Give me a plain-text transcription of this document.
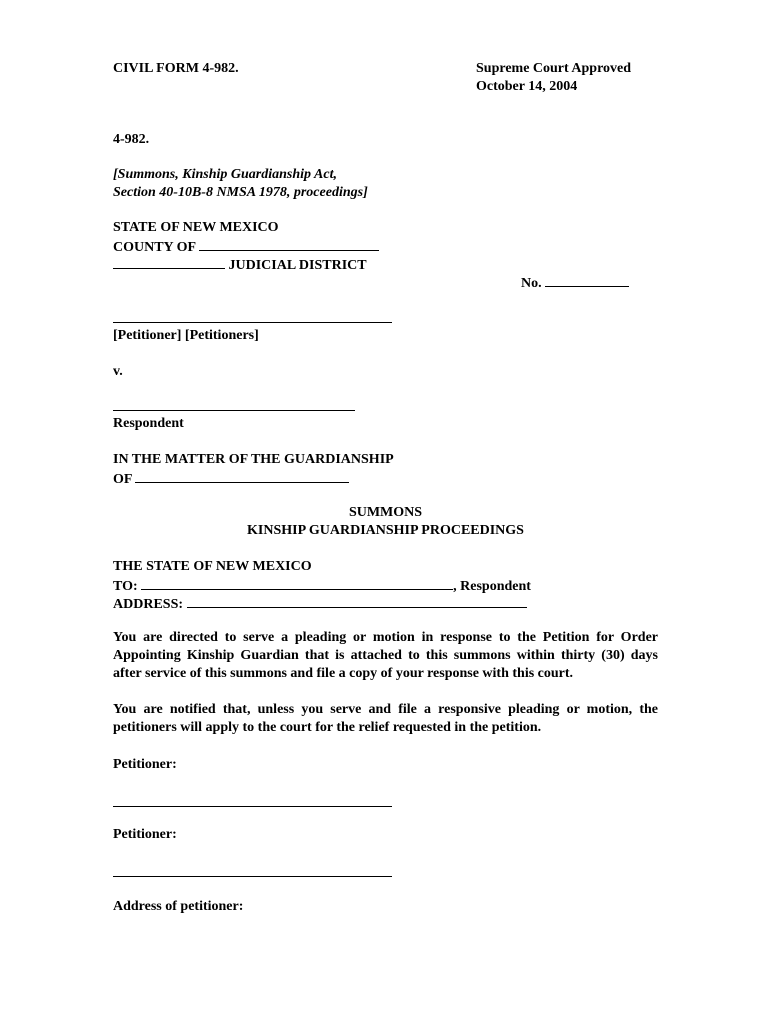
CIVIL FORM 4-982.	Supreme Court Approved
October 14, 2004
4-982.
[Summons, Kinship Guardianship Act,
Section 40-10B-8 NMSA 1978, proceedings]
STATE OF NEW MEXICO
COUNTY OF
JUDICIAL DISTRICT
No.
[Petitioner] [Petitioners]
v.
Respondent
IN THE MATTER OF THE GUARDIANSHIP
OF
SUMMONS
KINSHIP GUARDIANSHIP PROCEEDINGS
THE STATE OF NEW MEXICO
TO:	, Respondent
ADDRESS:
You are directed to serve a pleading or motion in response to the Petition for Order Appointing Kinship Guardian that is attached to this summons within thirty (30) days after service of this summons and file a copy of your response with this court.
You are notified that, unless you serve and file a responsive pleading or motion, the petitioners will apply to the court for the relief requested in the petition.
Petitioner:
Petitioner:
Address of petitioner:
